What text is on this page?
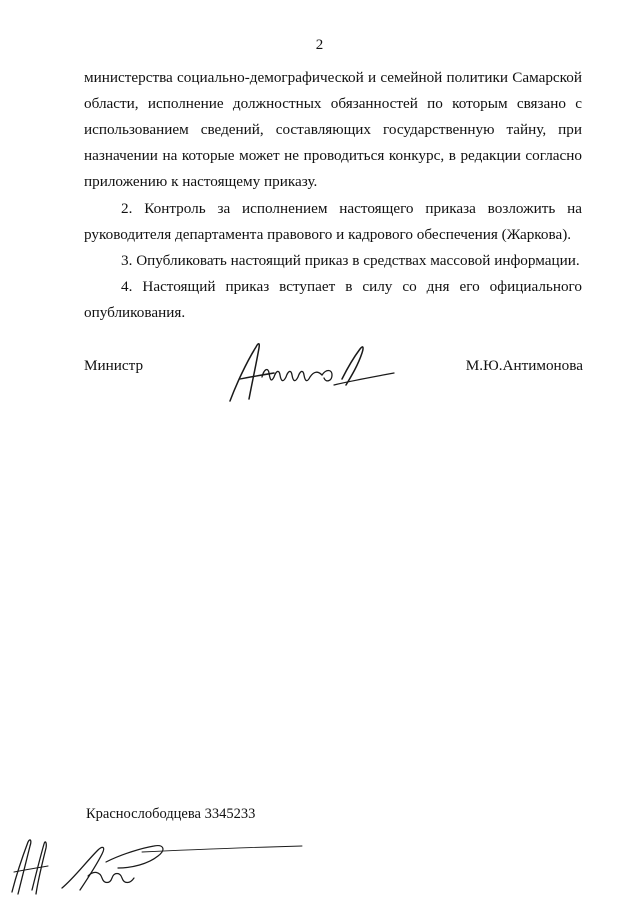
2

министерства социально-демографической и семейной политики Самарской области, исполнение должностных обязанностей по которым связано с использованием сведений, составляющих государственную тайну, при назначении на которые может не проводиться конкурс, в редакции согласно приложению к настоящему приказу.

2. Контроль за исполнением настоящего приказа возложить на руководителя департамента правового и кадрового обеспечения (Жаркова).

3. Опубликовать настоящий приказ в средствах массовой информации.

4. Настоящий приказ вступает в силу со дня его официального опубликования.

Министр	М.Ю.Антимонова
Краснослободцева 3345233
